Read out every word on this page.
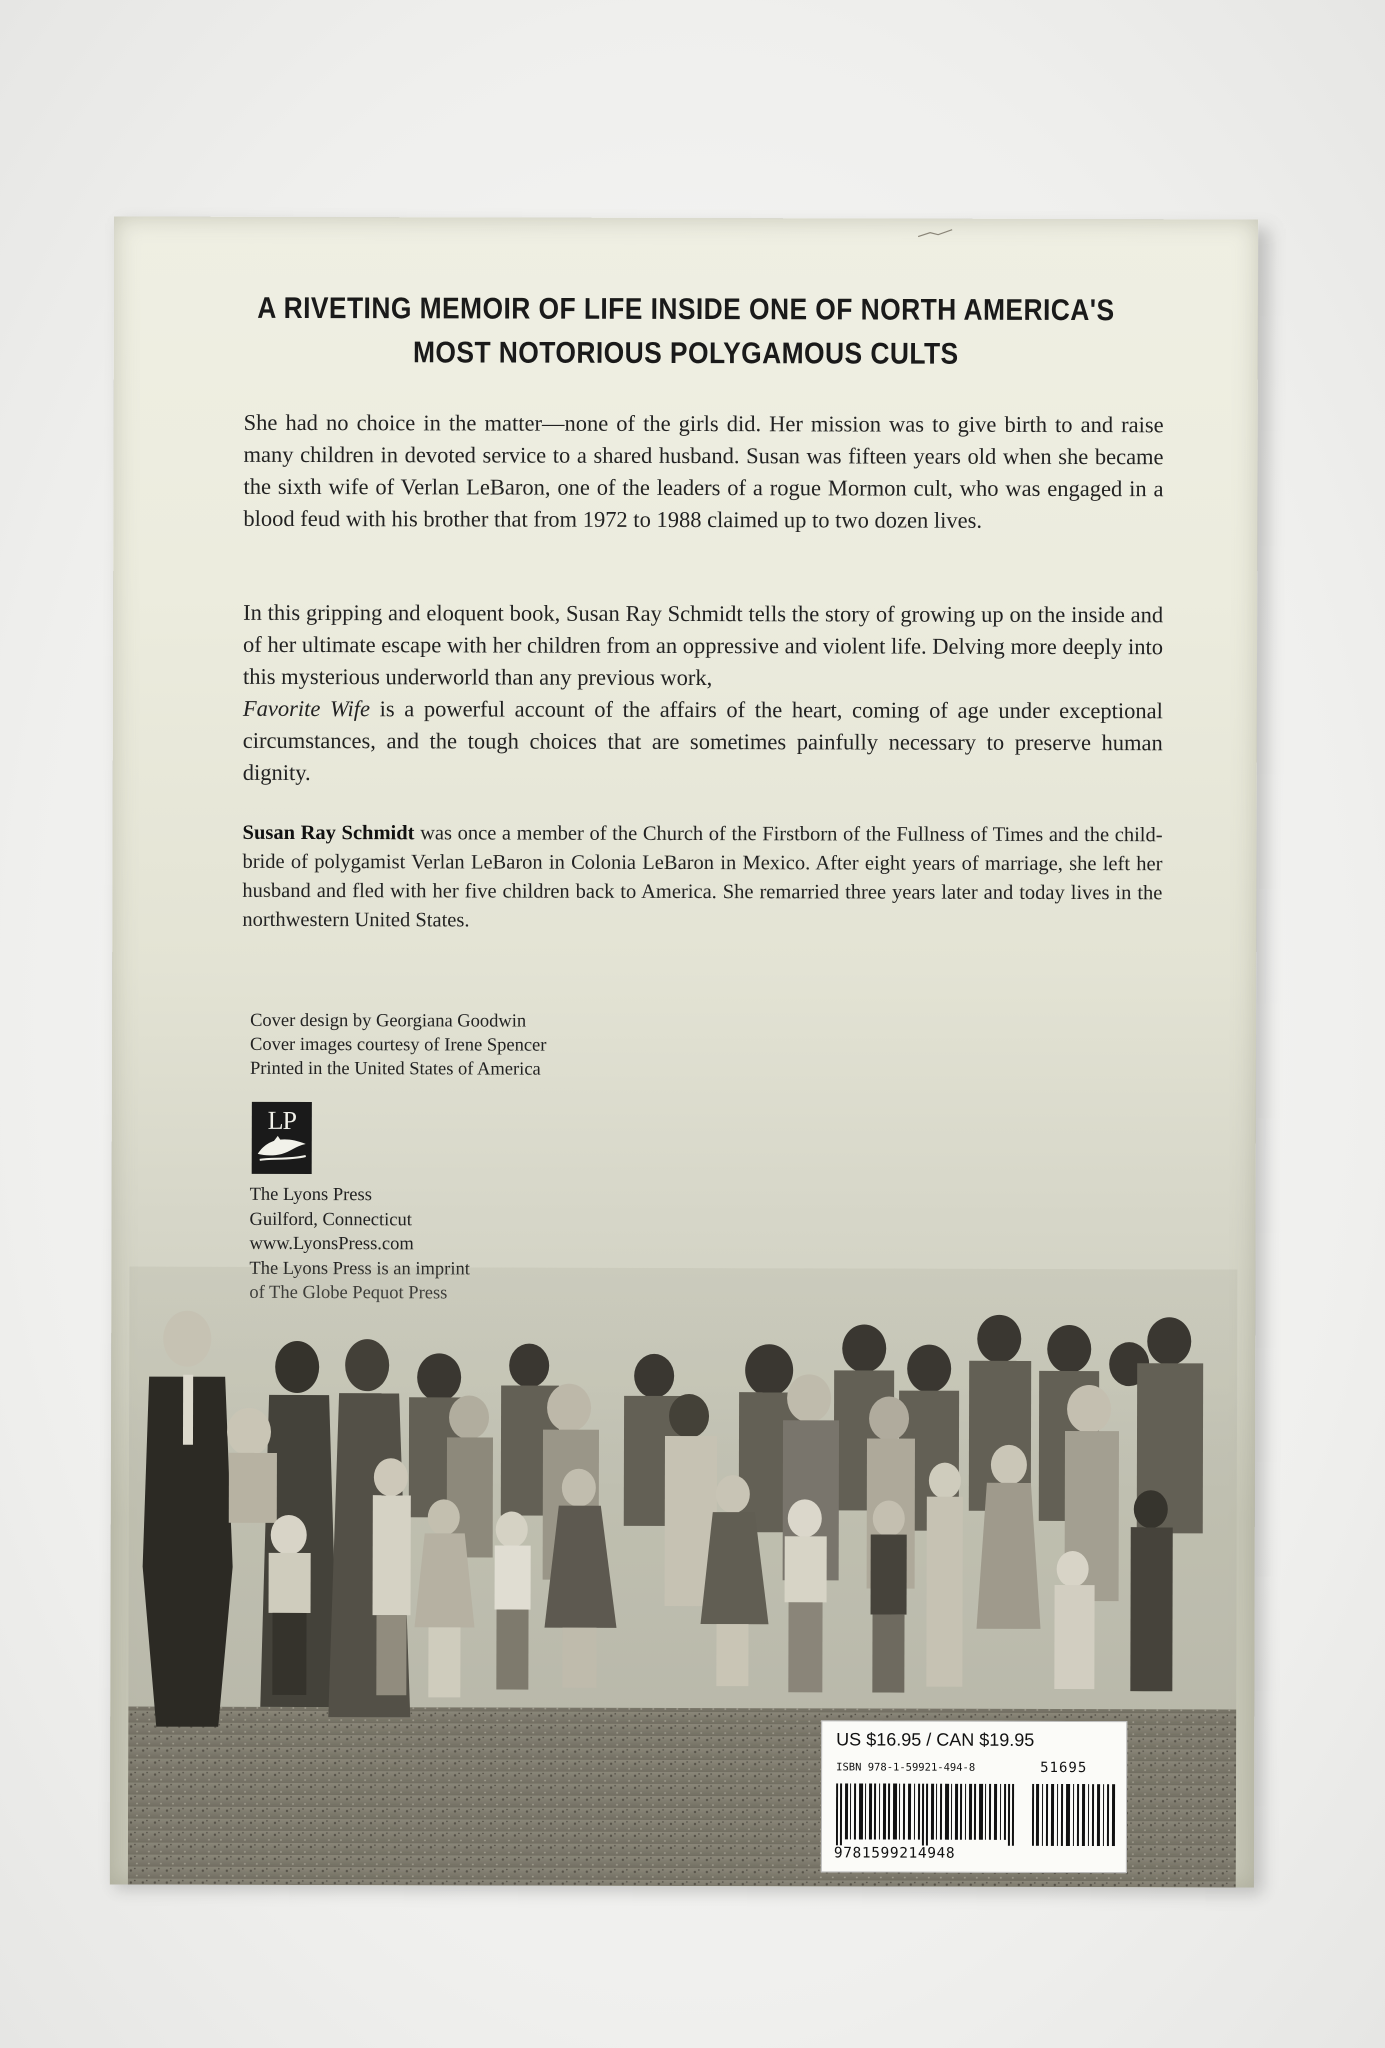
A RIVETING MEMOIR OF LIFE INSIDE ONE OF NORTH AMERICA'S
MOST NOTORIOUS POLYGAMOUS CULTS
She had no choice in the matter—none of the girls did. Her mission was to give birth to and raise many children in devoted service to a shared husband. Susan was fifteen years old when she became the sixth wife of Verlan LeBaron, one of the leaders of a rogue Mormon cult, who was engaged in a blood feud with his brother that from 1972 to 1988 claimed up to two dozen lives.
In this gripping and eloquent book, Susan Ray Schmidt tells the story of growing up on the inside and of her ultimate escape with her children from an oppressive and violent life. Delving more deeply into this mysterious underworld than any previous work,
Favorite Wife is a powerful account of the affairs of the heart, coming of age under exceptional circumstances, and the tough choices that are sometimes painfully necessary to preserve human dignity.
Susan Ray Schmidt was once a member of the Church of the Firstborn of the Fullness of Times and the child-bride of polygamist Verlan LeBaron in Colonia LeBaron in Mexico. After eight years of marriage, she left her husband and fled with her five children back to America. She remarried three years later and today lives in the northwestern United States.
Cover design by Georgiana Goodwin
Cover images courtesy of Irene Spencer
Printed in the United States of America
LP
The Lyons Press
Guilford, Connecticut
www.LyonsPress.com
US $16.95 / CAN $19.95
ISBN 978-1-59921-494-8	51695
9781599214948
